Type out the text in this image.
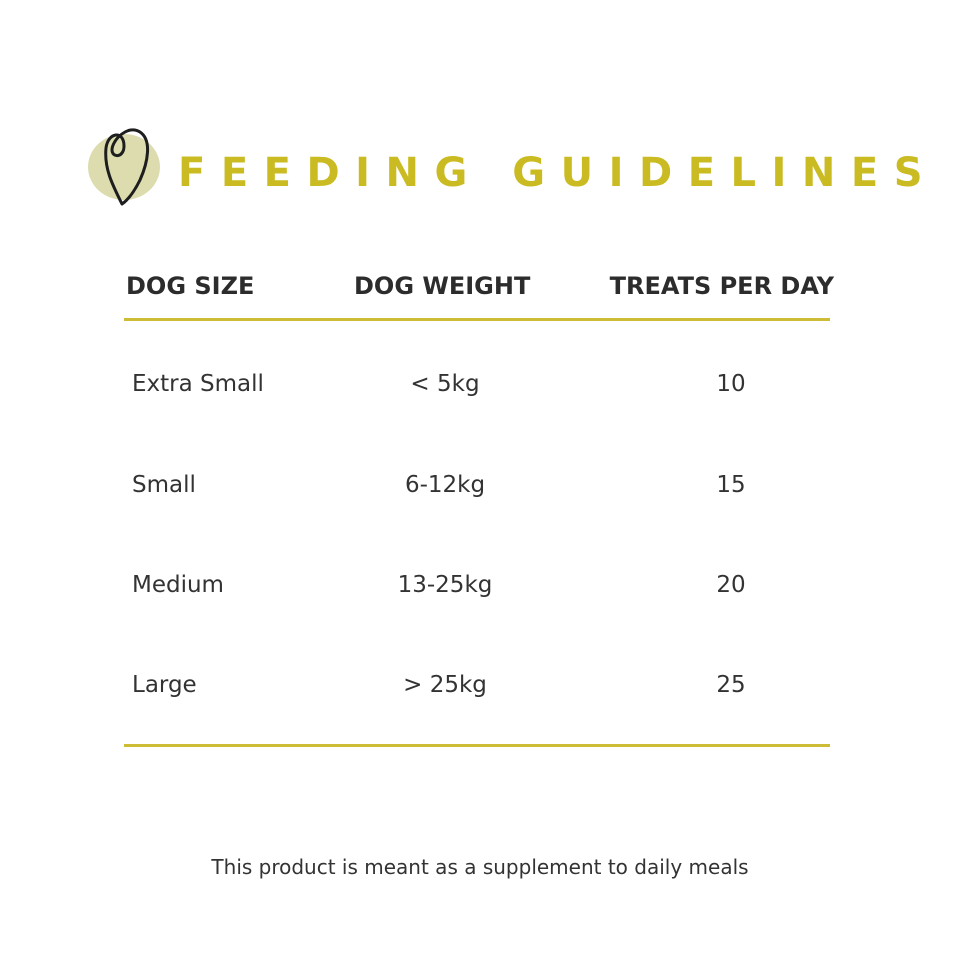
FEEDING GUIDELINES
DOG SIZE	DOG WEIGHT	TREATS PER DAY
Extra Small	< 5kg	10
Small	6-12kg	15
Medium	13-25kg	20
Large	> 25kg	25

This product is meant as a supplement to daily meals
